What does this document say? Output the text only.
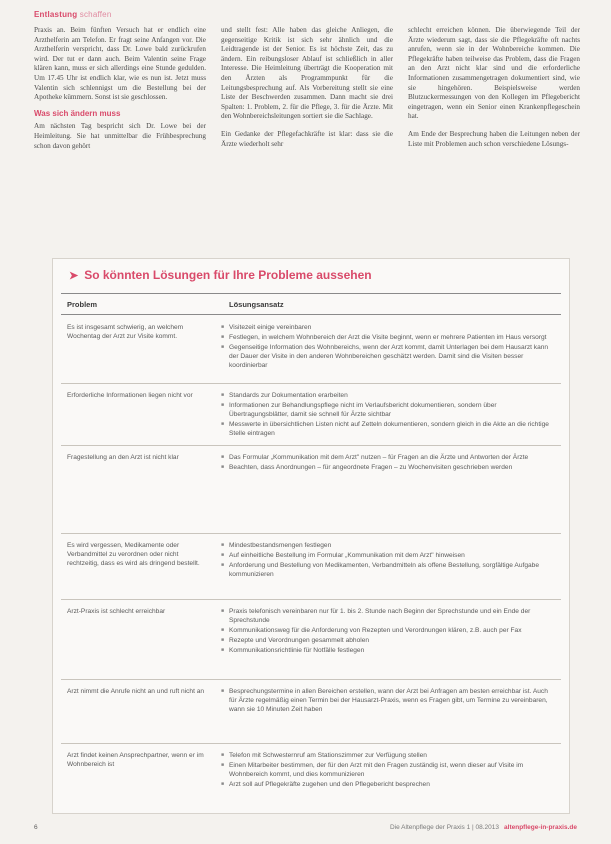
Entlastung schaffen

Praxis an. Beim fünften Versuch hat er endlich eine Arzthelferin am Telefon. Er fragt seine Anfangen vor. Die Arzthelferin verspricht, dass Dr. Lowe bald zurückrufen wird. Der tut er dann auch. Beim Valentin seine Frage klären kann, muss er sich allerdings eine Stunde gedulden. Um 17.45 Uhr ist endlich klar, wie es nun ist. Jetzt muss Valentin sich schlennigst um die Bestellung bei der Apotheke kümmern. Sonst ist sie geschlossen.

Was sich ändern muss

Am nächsten Tag bespricht sich Dr. Lowe bei der Heimleitung. Sie hat unmittelbar die Frühbesprechung schon davon gehört

und stellt fest: Alle haben das gleiche Anliegen, die gegenseitige Kritik ist sich sehr ähnlich und die Leidtragende ist der Senior. Es ist höchste Zeit, das zu ändern. Ein reibungsloser Ablauf ist schließlich in aller Interesse. Die Heimleitung überträgt die Kooperation mit den Ärzten als Programmpunkt für die Leitungsbesprechung auf. Als Vorbereitung stellt sie eine Liste der Beschwerden zusammen. Dann macht sie drei Spalten: 1. Problem, 2. für die Pflege, 3. für die Ärzte. Mit den Wohnbereichsleitungen sortiert sie die Sachlage.

Ein Gedanke der Pflegefachkräfte ist klar: dass sie die Ärzte wiederholt sehr

schlecht erreichen können. Die überwiegende Teil der Ärzte wiederum sagt, dass sie die Pflegekräfte oft nachts anrufen, wenn sie in der Wohnbereiche kommen. Die Pflegekräfte haben teilweise das Problem, dass die Fragen an den Arzt nicht klar sind und die erforderliche Informationen zusammengetragen dokumentiert sind, wie sie hingehören. Beispielsweise werden Blutzuckermessungen von den Kollegen im Pflegebericht eingetragen, wenn ein Senior einen Krankenpflegeschein hat.

Am Ende der Besprechung haben die Leitungen neben der Liste mit Problemen auch schon verschiedene Lösungs-

➤ So könnten Lösungen für Ihre Probleme aussehen
Problem	Lösungsansatz
Es ist insgesamt schwierig, an welchem Wochentag der Arzt zur Visite kommt.
■ Visitezeit einige vereinbaren
■ Festlegen, in welchem Wohnbereich der Arzt die Visite beginnt, wenn er mehrere Patienten im Haus versorgt
■ Gegenseitige Information des Wohnbereichs, wenn der Arzt kommt, damit Unterlagen bei dem Hausarzt kann der Dauer der Visite in den anderen Wohnbereichen geschätzt werden. Damit sind die Visiten besser koordinierbar
Erforderliche Informationen liegen nicht vor	■ Standards zur Dokumentation erarbeiten
■ Informationen zur Behandlungspflege nicht im Verlaufsbericht dokumentieren, sondern über Übertragungsblätter, damit sie schnell für Ärzte sichtbar
■ Messwerte in übersichtlichen Listen nicht auf Zetteln dokumentieren, sondern gleich in die Akte an die richtige Stelle eintragen
Fragestellung an den Arzt ist nicht klar	■ Das Formular „Kommunikation mit dem Arzt" nutzen – für Fragen an die Ärzte und Antworten der Ärzte
■ Beachten, dass Anordnungen – für angeordnete Fragen – zu Wochenvisiten geschrieben werden
Es wird vergessen, Medikamente oder Verbandmittel zu verordnen oder nicht rechtzeitig, dass es wird als dringend bestellt.
■ Mindestbestandsmengen festlegen
■ Auf einheitliche Bestellung im Formular „Kommunikation mit dem Arzt" hinweisen
■ Anforderung und Bestellung von Medikamenten, Verbandmitteln als offene Bestellung, sorgfältige Aufgabe kommunizieren
Arzt-Praxis ist schlecht erreichbar	■ Praxis telefonisch vereinbaren nur für 1. bis 2. Stunde nach Beginn der Sprechstunde und ein Ende der Sprechstunde
■ Kommunikationsweg für die Anforderung von Rezepten und Verordnungen klären, z.B. auch per Fax
■ Rezepte und Verordnungen gesammelt abholen
■ Kommunikationsrichtlinie für Notfälle festlegen
Arzt nimmt die Anrufe nicht an und ruft nicht an	■ Besprechungstermine in allen Bereichen erstellen, wann der Arzt bei Anfragen am besten erreichbar ist. Auch für Ärzte regelmäßig einen Termin bei der Hausarzt-Praxis, wenn es Fragen gibt, um Termine zu vereinbaren, wann sie 10 Minuten Zeit haben
Arzt findet keinen Ansprechpartner, wenn er im Wohnbereich ist
■ Telefon mit Schwesternruf am Stationszimmer zur Verfügung stellen
■ Einen Mitarbeiter bestimmen, der für den Arzt mit den Fragen zuständig ist, wenn dieser auf Visite im Wohnbereich kommt, und dies kommunizieren
■ Arzt soll auf Pflegekräfte zugehen und den Pflegebericht besprechen
6	Die Altenpflege der Praxis 1 | 08.2013 altenpflege-in-praxis.de
